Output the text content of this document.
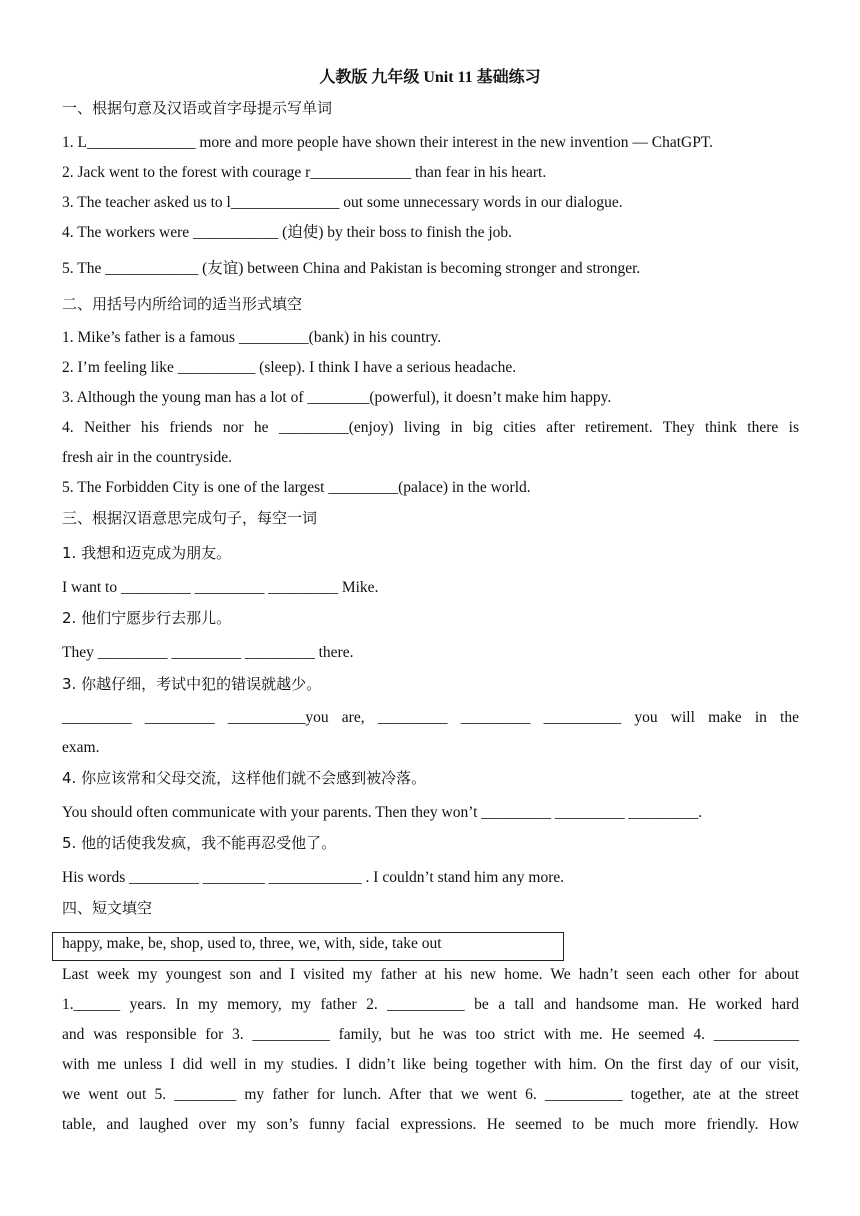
人教版 九年级 Unit 11 基础练习
一、根据句意及汉语或首字母提示写单词
1. L______________ more and more people have shown their interest in the new invention — ChatGPT.
2. Jack went to the forest with courage r_____________ than fear in his heart.
3. The teacher asked us to l______________ out some unnecessary words in our dialogue.
4. The workers were ___________ (迫使) by their boss to finish the job.
5. The ____________ (友谊) between China and Pakistan is becoming stronger and stronger.
二、用括号内所给词的适当形式填空
1. Mike’s father is a famous _________(bank) in his country.
2. I’m feeling like __________ (sleep). I think I have a serious headache.
3. Although the young man has a lot of ________(powerful), it doesn’t make him happy.
4. Neither his friends nor he _________(enjoy) living in big cities after retirement. They think there is
fresh air in the countryside.
5. The Forbidden City is one of the largest _________(palace) in the world.
三、根据汉语意思完成句子，每空一词
1. 我想和迈克成为朋友。
I want to _________ _________ _________ Mike.
2. 他们宁愿步行去那儿。
They _________ _________ _________ there.
3. 你越仔细，考试中犯的错误就越少。
_________ _________ __________you are, _________ _________ __________ you will make in the
exam.
4. 你应该常和父母交流，这样他们就不会感到被冷落。
You should often communicate with your parents. Then they won’t _________ _________ _________.
5. 他的话使我发疯，我不能再忍受他了。
His words _________ ________ ____________ . I couldn’t stand him any more.
四、短文填空
happy, make, be, shop, used to, three, we, with, side, take out
Last week my youngest son and I visited my father at his new home. We hadn’t seen each other for about
1.______ years. In my memory, my father 2. __________ be a tall and handsome man. He worked hard
and was responsible for 3. __________ family, but he was too strict with me. He seemed 4. ___________
with me unless I did well in my studies. I didn’t like being together with him. On the first day of our visit,
we went out 5. ________ my father for lunch. After that we went 6. __________ together, ate at the street
table, and laughed over my son’s funny facial expressions. He seemed to be much more friendly. How
